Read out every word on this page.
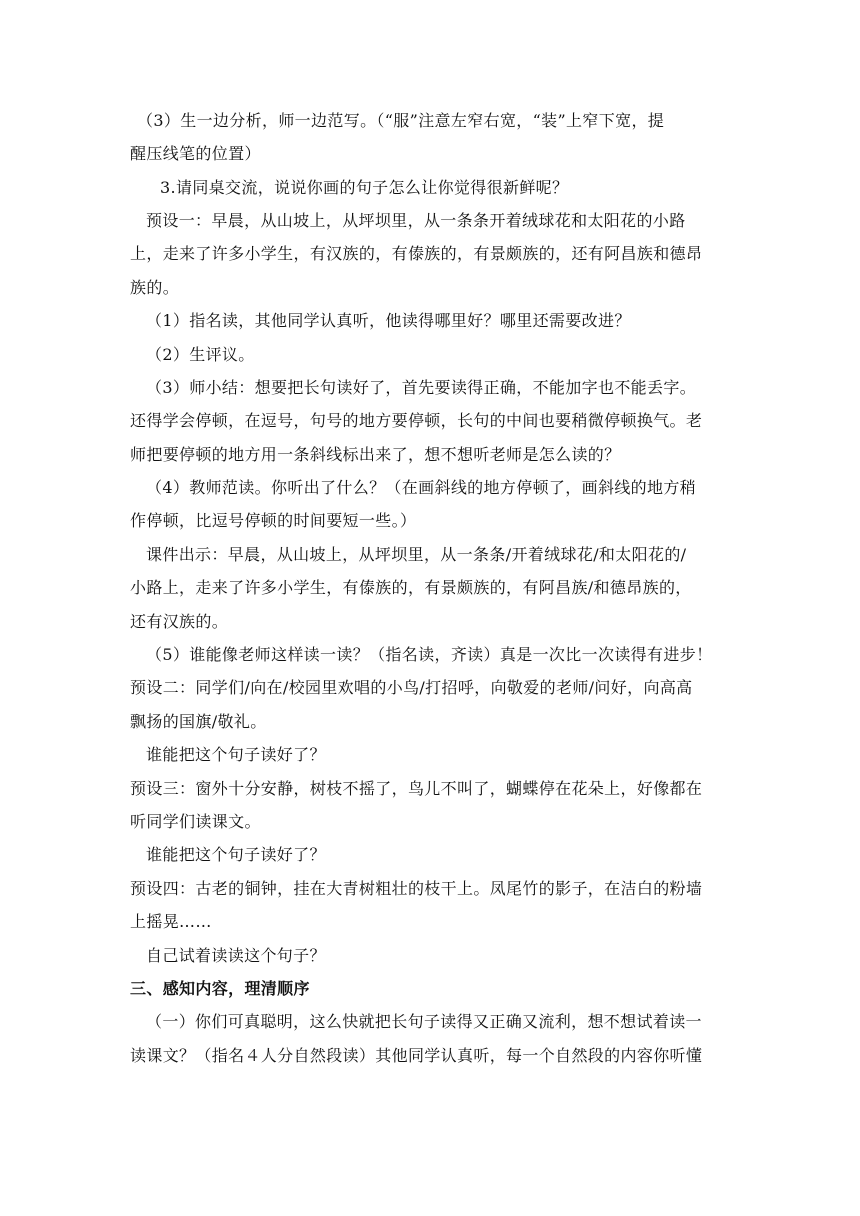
（3）生一边分析，师一边范写。（“服”注意左窄右宽，“装”上窄下宽，提
醒压线笔的位置）
3.请同桌交流，说说你画的句子怎么让你觉得很新鲜呢？
预设一：早晨，从山坡上，从坪坝里，从一条条开着绒球花和太阳花的小路
上，走来了许多小学生，有汉族的，有傣族的，有景颇族的，还有阿昌族和德昂
族的。
（1）指名读，其他同学认真听，他读得哪里好？哪里还需要改进？
（2）生评议。
（3）师小结：想要把长句读好了，首先要读得正确，不能加字也不能丢字。
还得学会停顿，在逗号，句号的地方要停顿，长句的中间也要稍微停顿换气。老
师把要停顿的地方用一条斜线标出来了，想不想听老师是怎么读的？
（4）教师范读。你听出了什么？（在画斜线的地方停顿了，画斜线的地方稍
作停顿，比逗号停顿的时间要短一些。）
课件出示：早晨，从山坡上，从坪坝里，从一条条/开着绒球花/和太阳花的/
小路上，走来了许多小学生，有傣族的，有景颇族的，有阿昌族/和德昂族的，
还有汉族的。
（5）谁能像老师这样读一读？（指名读，齐读）真是一次比一次读得有进步！
预设二：同学们/向在/校园里欢唱的小鸟/打招呼，向敬爱的老师/问好，向高高
飘扬的国旗/敬礼。
谁能把这个句子读好了？
预设三：窗外十分安静，树枝不摇了，鸟儿不叫了，蝴蝶停在花朵上，好像都在
听同学们读课文。
谁能把这个句子读好了？
预设四：古老的铜钟，挂在大青树粗壮的枝干上。凤尾竹的影子，在洁白的粉墙
上摇晃……
自己试着读读这个句子？
三、感知内容，理清顺序
（一）你们可真聪明，这么快就把长句子读得又正确又流利，想不想试着读一
读课文？（指名４人分自然段读）其他同学认真听，每一个自然段的内容你听懂
